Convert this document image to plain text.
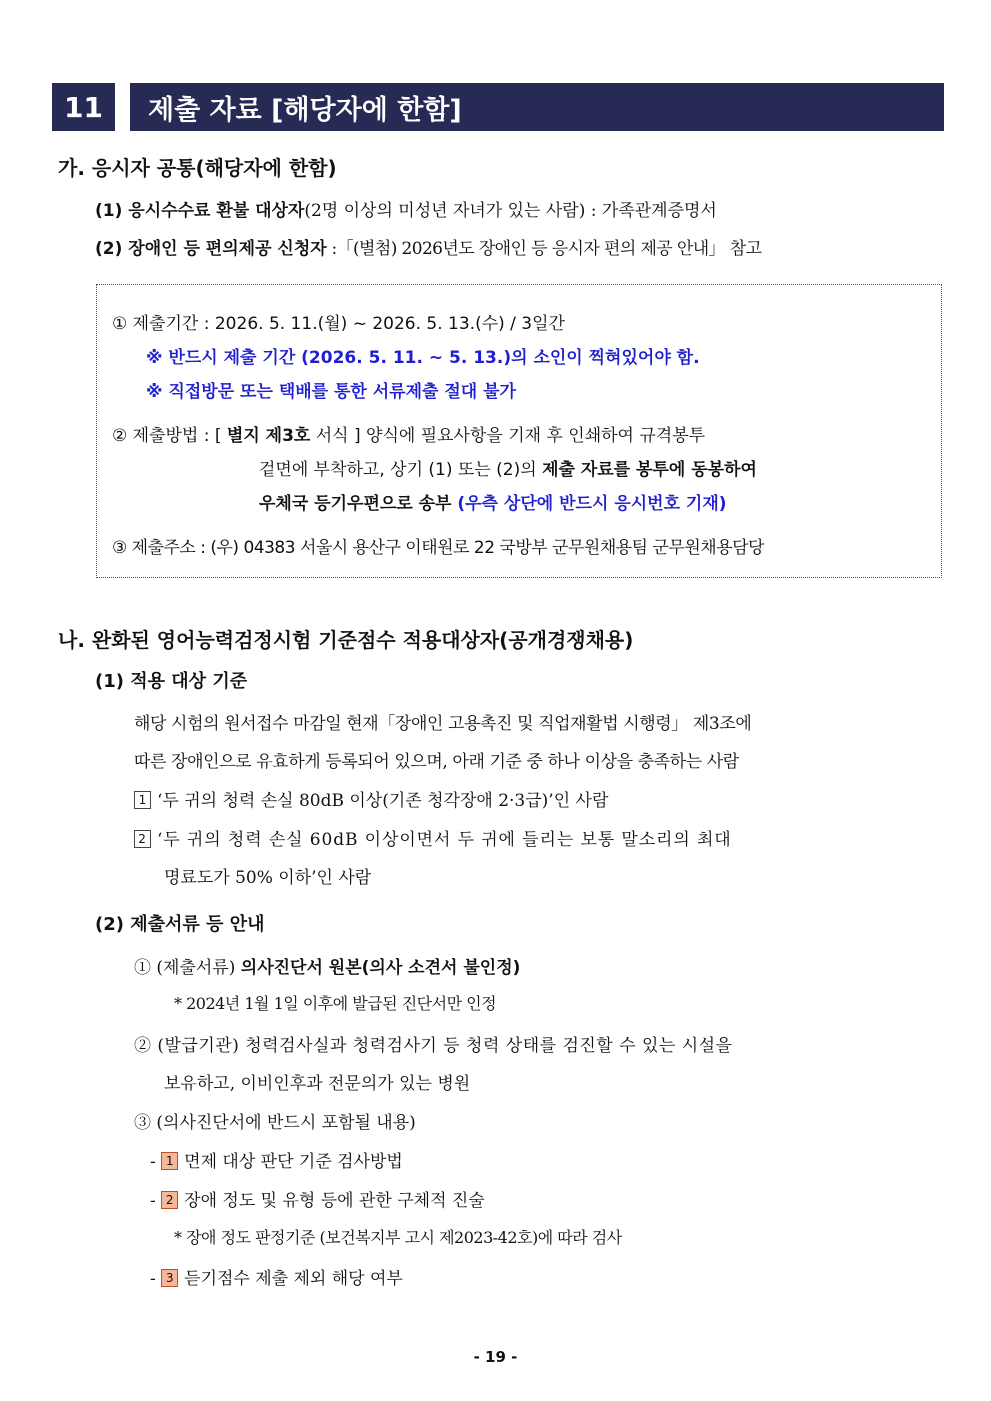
11	제출 자료 [해당자에 한함]
가. 응시자 공통(해당자에 한함)
(1) 응시수수료 환불 대상자(2명 이상의 미성년 자녀가 있는 사람) : 가족관계증명서
(2) 장애인 등 편의제공 신청자 :「(별첨) 2026년도 장애인 등 응시자 편의 제공 안내」 참고
① 제출기간 : 2026. 5. 11.(월) ~ 2026. 5. 13.(수) / 3일간
※ 반드시 제출 기간 (2026. 5. 11. ~ 5. 13.)의 소인이 찍혀있어야 함.
※ 직접방문 또는 택배를 통한 서류제출 절대 불가
② 제출방법 : [ 별지 제3호 서식 ] 양식에 필요사항을 기재 후 인쇄하여 규격봉투
겉면에 부착하고, 상기 (1) 또는 (2)의 제출 자료를 봉투에 동봉하여
우체국 등기우편으로 송부 (우측 상단에 반드시 응시번호 기재)
③ 제출주소 : (우) 04383 서울시 용산구 이태원로 22 국방부 군무원채용팀 군무원채용담당
나. 완화된 영어능력검정시험 기준점수 적용대상자(공개경쟁채용)
(1) 적용 대상 기준
해당 시험의 원서접수 마감일 현재「장애인 고용촉진 및 직업재활법 시행령」 제3조에
따른 장애인으로 유효하게 등록되어 있으며, 아래 기준 중 하나 이상을 충족하는 사람
1 ‘두 귀의 청력 손실 80dB 이상(기존 청각장애 2·3급)’인 사람
2 ‘두 귀의 청력 손실 60dB 이상이면서 두 귀에 들리는 보통 말소리의 최대
명료도가 50% 이하’인 사람
(2) 제출서류 등 안내
① (제출서류) 의사진단서 원본(의사 소견서 불인정)
* 2024년 1월 1일 이후에 발급된 진단서만 인정
② (발급기관) 청력검사실과 청력검사기 등 청력 상태를 검진할 수 있는 시설을
보유하고, 이비인후과 전문의가 있는 병원
③ (의사진단서에 반드시 포함될 내용)
- 1 면제 대상 판단 기준 검사방법
- 2 장애 정도 및 유형 등에 관한 구체적 진술
* 장애 정도 판정기준 (보건복지부 고시 제2023-42호)에 따라 검사
- 3 듣기점수 제출 제외 해당 여부
- 19 -
